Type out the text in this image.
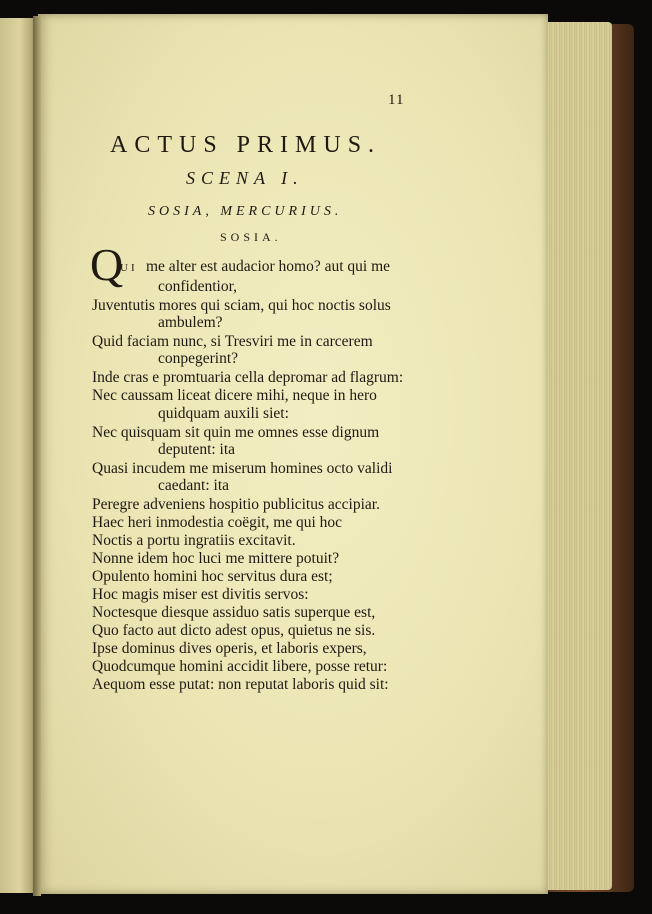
11
ACTUS PRIMUS.
SCENA I.
SOSIA, MERCURIUS.
SOSIA.
Q
UI me alter est audacior homo? aut qui me
confidentior,
Juventutis mores qui sciam, qui hoc noctis solus
ambulem?
Quid faciam nunc, si Tresviri me in carcerem
conpegerint?
Inde cras e promtuaria cella depromar ad flagrum:
Nec caussam liceat dicere mihi, neque in hero
quidquam auxili siet:
Nec quisquam sit quin me omnes esse dignum
deputent: ita
Quasi incudem me miserum homines octo validi
caedant: ita
Peregre adveniens hospitio publicitus accipiar.
Haec heri inmodestia coëgit, me qui hoc
Noctis a portu ingratiis excitavit.
Nonne idem hoc luci me mittere potuit?
Opulento homini hoc servitus dura est;
Hoc magis miser est divitis servos:
Noctesque diesque assiduo satis superque est,
Quo facto aut dicto adest opus, quietus ne sis.
Ipse dominus dives operis, et laboris expers,
Quodcumque homini accidit libere, posse retur:
Aequom esse putat: non reputat laboris quid sit:
